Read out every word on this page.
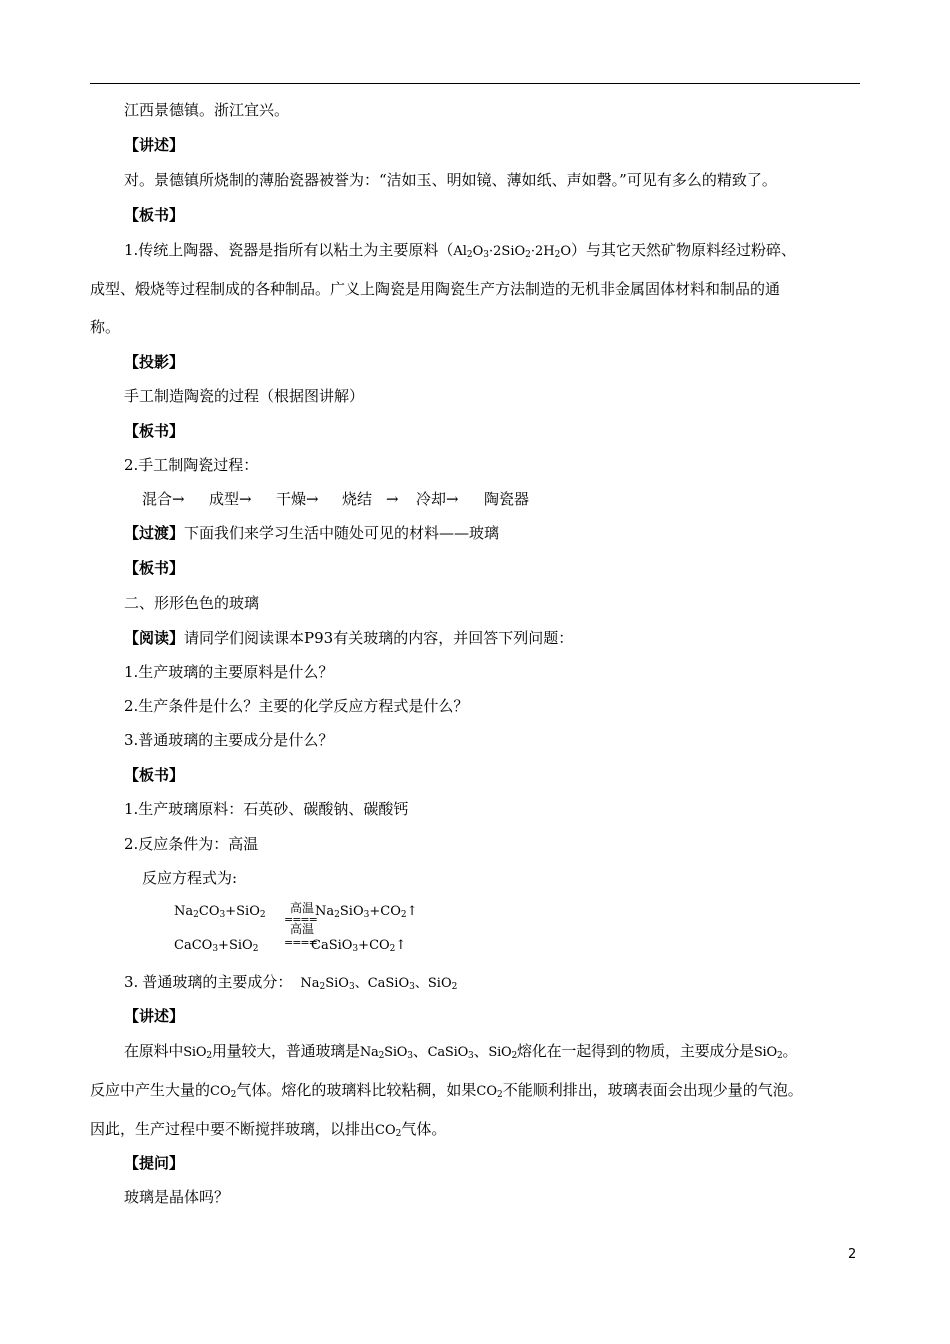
江西景德镇。浙江宜兴。
【讲述】
对。景德镇所烧制的薄胎瓷器被誉为：“洁如玉、明如镜、薄如纸、声如磬。”可见有多么的精致了。
【板书】
1.传统上陶器、瓷器是指所有以粘土为主要原料$(Al_2O_3\cdot 2SiO_2\cdot 2H_2O)$与其它天然矿物原料经过粉碎、
成型、煅烧等过程制成的各种制品。广义上陶瓷是用陶瓷生产方法制造的无机非金属固体材料和制品的通
称。
【投影】
手工制造陶瓷的过程（根据图讲解）
【板书】
2.手工制陶瓷过程：
混合→ 成型→ 干燥→ 烧结 → 冷却→ 陶瓷器
【过渡】下面我们来学习生活中随处可见的材料——玻璃
【板书】
二、形形色色的玻璃
【阅读】请同学们阅读课本P93有关玻璃的内容，并回答下列问题：
1.生产玻璃的主要原料是什么？
2.生产条件是什么？主要的化学反应方程式是什么？
3.普通玻璃的主要成分是什么？
【板书】
1.生产玻璃原料：石英砂、碳酸钠、碳酸钙
2.反应条件为：高温
反应方程式为:
$Na_2CO_3+SiO_2$ 高温
====
$Na_2SiO_3+CO_2↑$
高温
CaCO$_3$+SiO$_2$ ====
$CaSiO_3+CO_2↑$
3. 普通玻璃的主要成分： $Na_2SiO_3$、CaSiO$_3$、SiO$_2$
【讲述】
在原料中SiO$_2$用量较大，普通玻璃是$Na_2SiO_3$、CaSiO$_3$、SiO$_2$熔化在一起得到的物质，主要成分是SiO$_2$。
反应中产生大量的$CO_2$气体。熔化的玻璃料比较粘稠，如果$CO_2$不能顺利排出，玻璃表面会出现少量的气泡。
因此，生产过程中要不断搅拌玻璃，以排出$CO_2$气体。
【提问】
玻璃是晶体吗？
2
